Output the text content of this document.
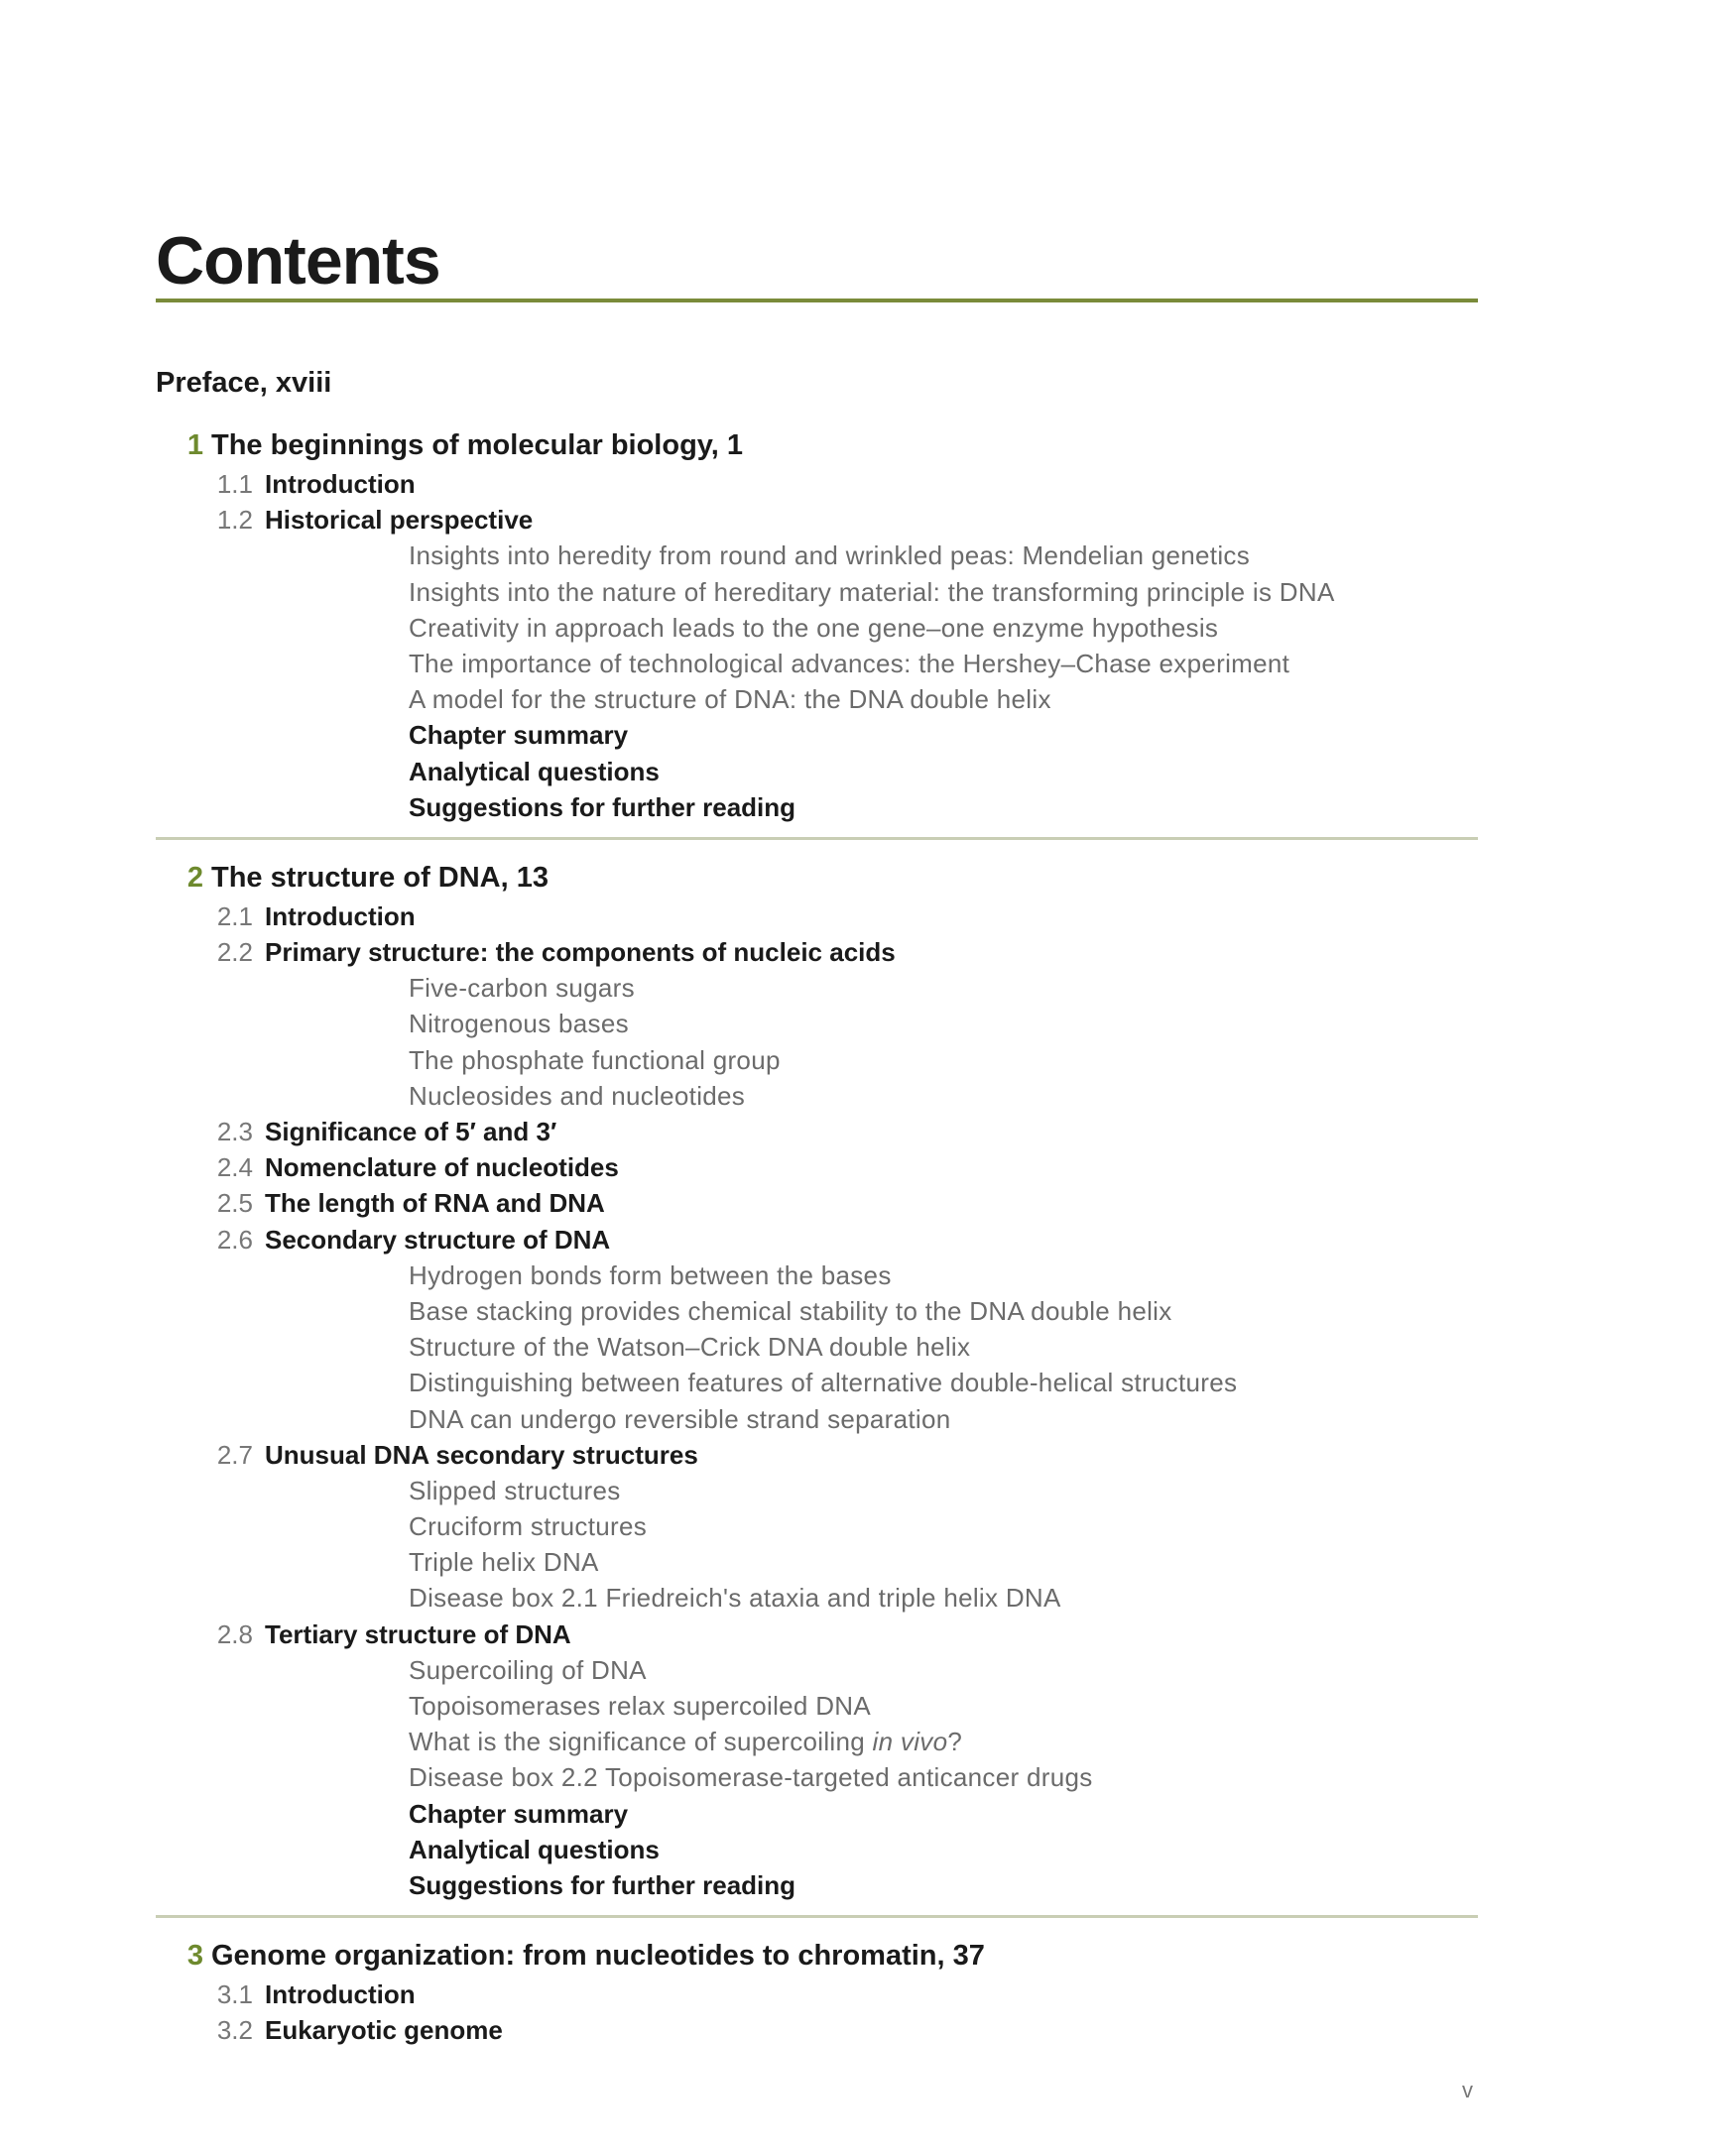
Contents
Preface, xviii
1 The beginnings of molecular biology, 1
1.1 Introduction
1.2 Historical perspective
Insights into heredity from round and wrinkled peas: Mendelian genetics
Insights into the nature of hereditary material: the transforming principle is DNA
Creativity in approach leads to the one gene–one enzyme hypothesis
The importance of technological advances: the Hershey–Chase experiment
A model for the structure of DNA: the DNA double helix
Chapter summary
Analytical questions
Suggestions for further reading
2 The structure of DNA, 13
2.1 Introduction
2.2 Primary structure: the components of nucleic acids
Five-carbon sugars
Nitrogenous bases
The phosphate functional group
Nucleosides and nucleotides
2.3 Significance of 5′ and 3′
2.4 Nomenclature of nucleotides
2.5 The length of RNA and DNA
2.6 Secondary structure of DNA
Hydrogen bonds form between the bases
Base stacking provides chemical stability to the DNA double helix
Structure of the Watson–Crick DNA double helix
Distinguishing between features of alternative double-helical structures
DNA can undergo reversible strand separation
2.7 Unusual DNA secondary structures
Slipped structures
Cruciform structures
Triple helix DNA
Disease box 2.1 Friedreich's ataxia and triple helix DNA
2.8 Tertiary structure of DNA
Supercoiling of DNA
Topoisomerases relax supercoiled DNA
What is the significance of supercoiling in vivo?
Disease box 2.2 Topoisomerase-targeted anticancer drugs
Chapter summary
Analytical questions
Suggestions for further reading
3 Genome organization: from nucleotides to chromatin, 37
3.1 Introduction
3.2 Eukaryotic genome
v
